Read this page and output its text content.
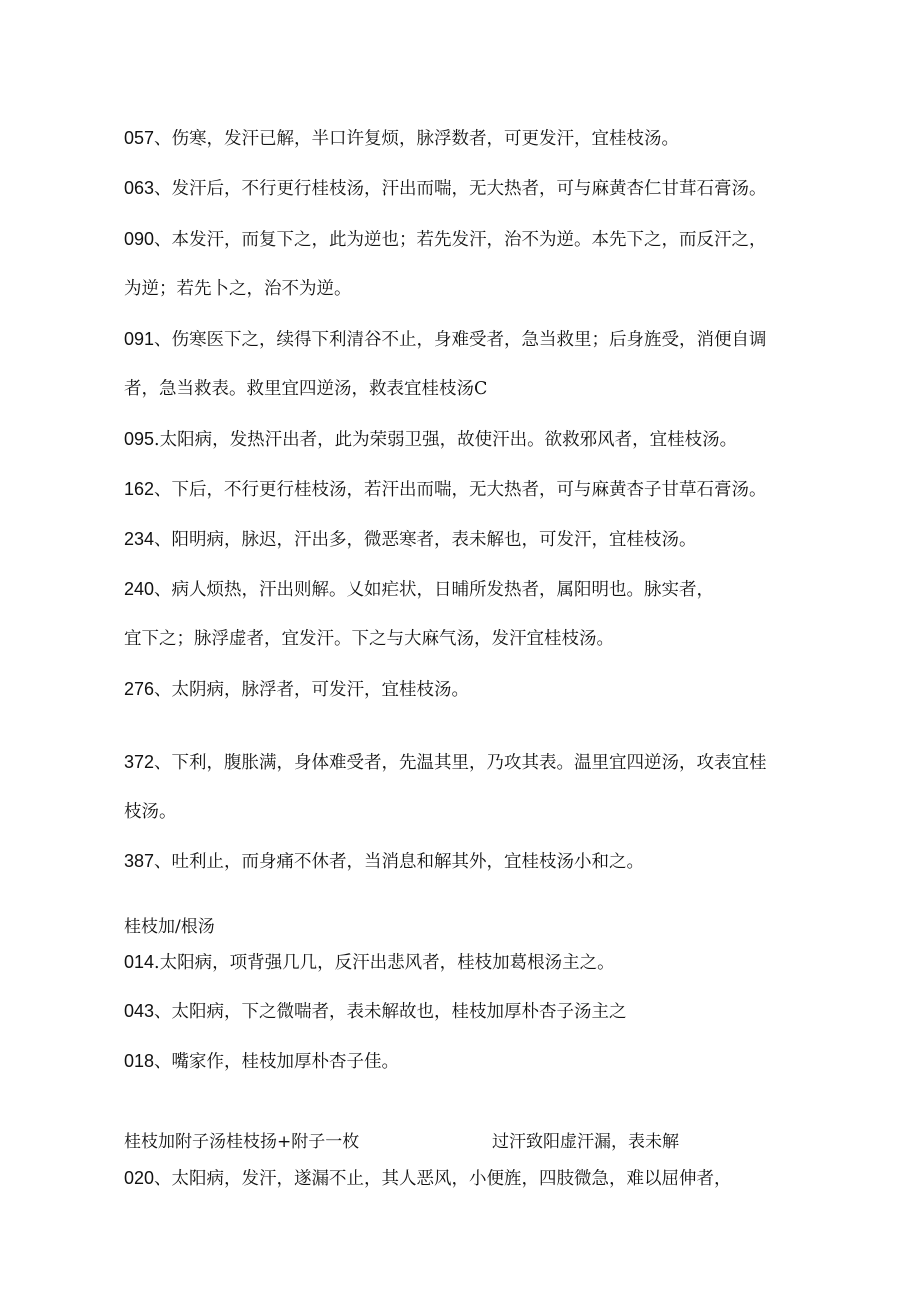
057、伤寒，发汗已解，半口许复烦，脉浮数者，可更发汗，宜桂枝汤。
063、发汗后，不行更行桂枝汤，汗出而喘，无大热者，可与麻黄杏仁甘茸石膏汤。
090、本发汗，而复下之，此为逆也；若先发汗，治不为逆。本先下之，而反汗之，
为逆；若先卜之，治不为逆。
091、伤寒医下之，续得下利清谷不止，身难受者，急当救里；后身旌受，消便自调
者，急当救表。救里宜四逆汤，救表宜桂枝汤C
095.太阳病，发热汗出者，此为荣弱卫强，故使汗出。欲救邪风者，宜桂枝汤。
162、下后，不行更行桂枝汤，若汗出而喘，无大热者，可与麻黄杏子甘草石膏汤。
234、阳明病，脉迟，汗出多，微恶寒者，表未解也，可发汗，宜桂枝汤。
240、病人烦热，汗出则解。乂如疟状，日晡所发热者，属阳明也。脉实者，
宜下之；脉浮虚者，宜发汗。下之与大麻气汤，发汗宜桂枝汤。
276、太阴病，脉浮者，可发汗，宜桂枝汤。
372、下利，腹胀满，身体难受者，先温其里，乃攻其表。温里宜四逆汤，攻表宜桂
枝汤。
387、吐利止，而身痛不休者，当消息和解其外，宜桂枝汤小和之。
桂枝加/根汤
014.太阳病，项背强几几，反汗出悲风者，桂枝加葛根汤主之。
043、太阳病，下之微喘者，表未解故也，桂枝加厚朴杏子汤主之
018、嘴家作，桂枝加厚朴杏子佳。
桂枝加附子汤桂枝扬+附子一枚	过汗致阳虚汗漏，表未解
020、太阳病，发汗，遂漏不止，其人恶风，小便旌，四肢微急，难以屈伸者，
